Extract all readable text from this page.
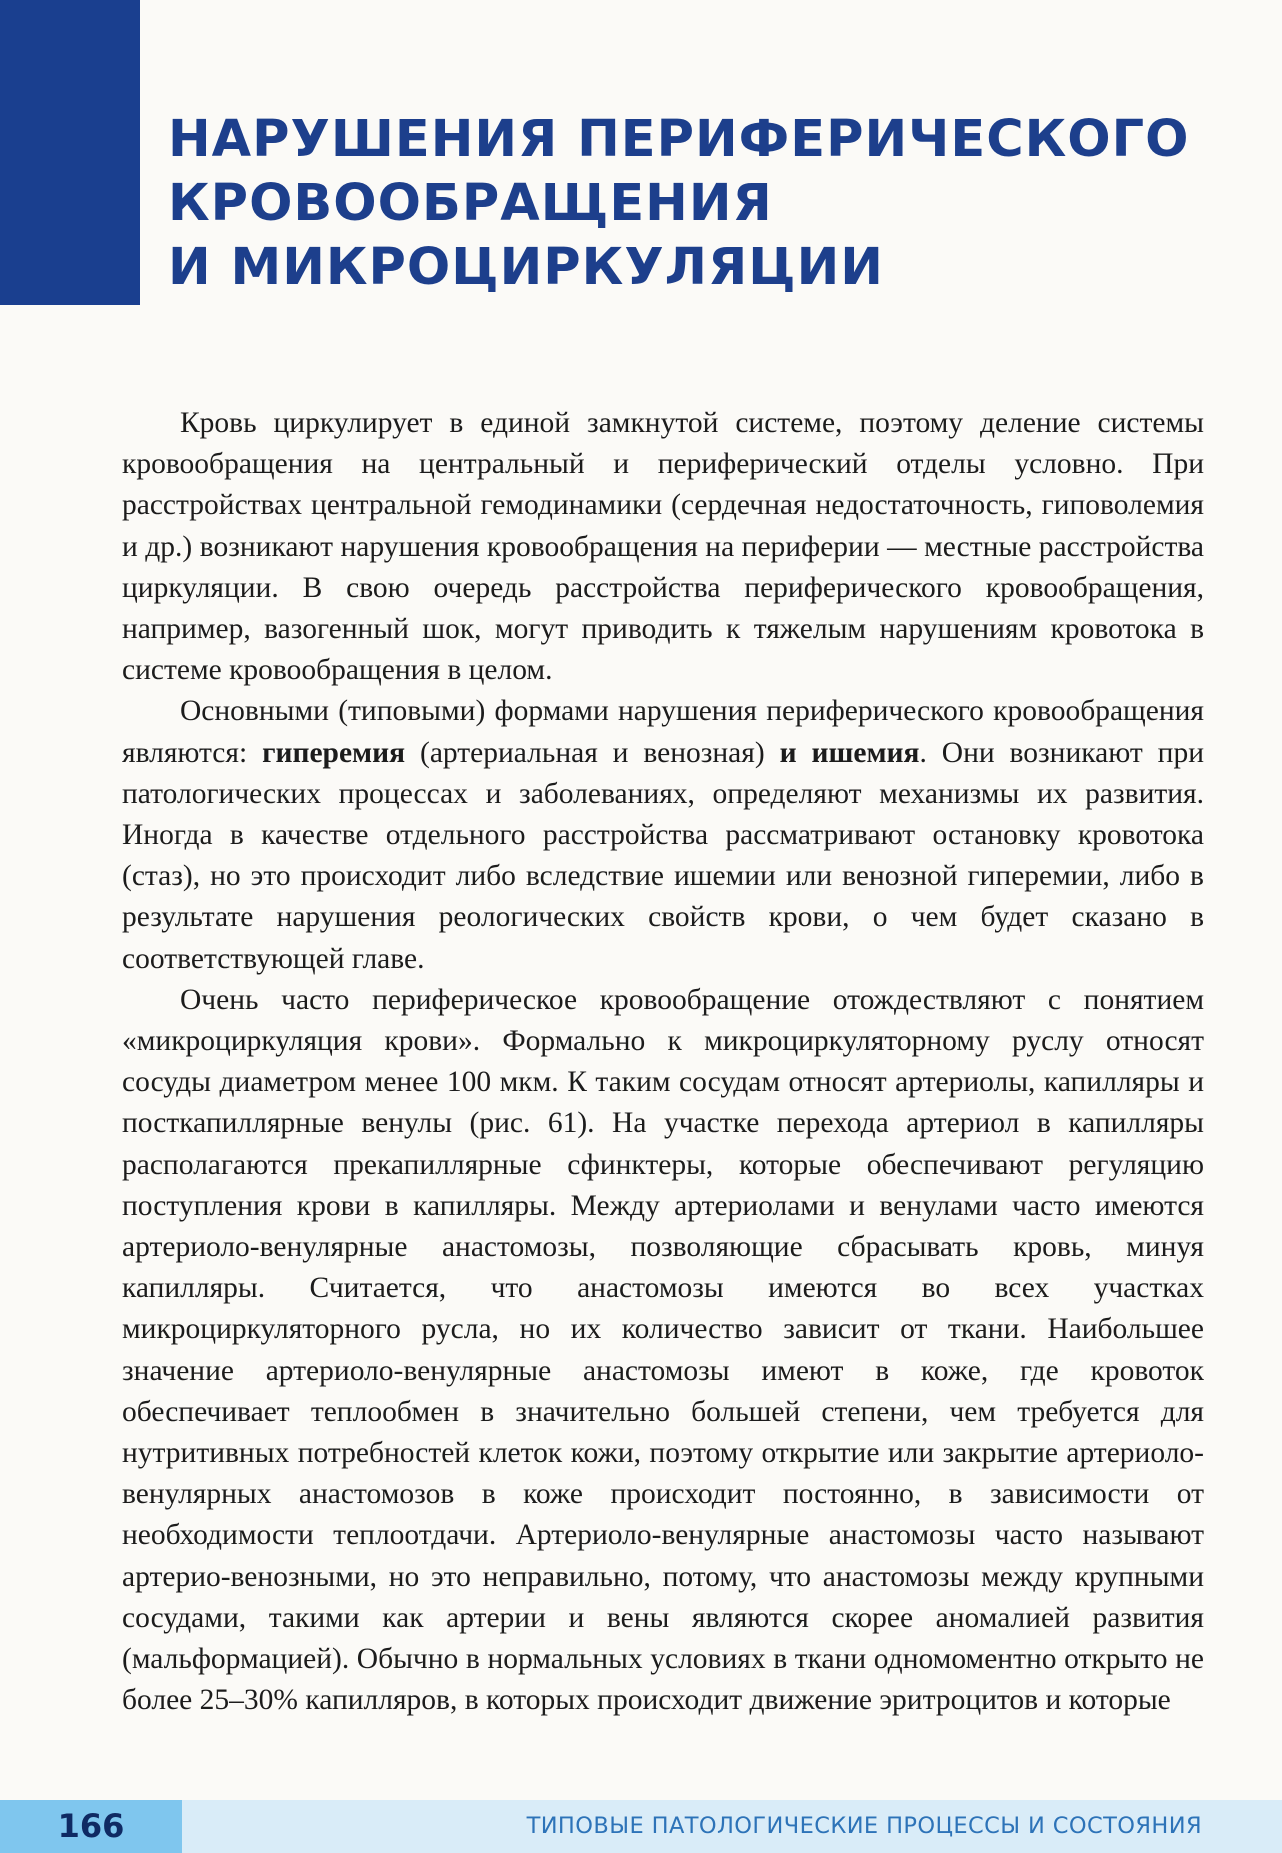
НАРУШЕНИЯ ПЕРИФЕРИЧЕСКОГО
КРОВООБРАЩЕНИЯ
И МИКРОЦИРКУЛЯЦИИ

Кровь циркулирует в единой замкнутой системе, поэтому деление системы кровообращения на центральный и периферический отделы условно. При расстройствах центральной гемодинамики (сердечная недостаточность, гиповолемия и др.) возникают нарушения кровообращения на периферии — местные расстройства циркуляции. В свою очередь расстройства периферического кровообращения, например, вазогенный шок, могут приводить к тяжелым нарушениям кровотока в системе кровообращения в целом.

Основными (типовыми) формами нарушения периферического кровообращения являются: гиперемия (артериальная и венозная) и ишемия. Они возникают при патологических процессах и заболеваниях, определяют механизмы их развития. Иногда в качестве отдельного расстройства рассматривают остановку кровотока (стаз), но это происходит либо вследствие ишемии или венозной гиперемии, либо в результате нарушения реологических свойств крови, о чем будет сказано в соответствующей главе.

Очень часто периферическое кровообращение отождествляют с понятием «микроциркуляция крови». Формально к микроциркуляторному руслу относят сосуды диаметром менее 100 мкм. К таким сосудам относят артериолы, капилляры и посткапиллярные венулы (рис. 61). На участке перехода артериол в капилляры располагаются прекапиллярные сфинктеры, которые обеспечивают регуляцию поступления крови в капилляры. Между артериолами и венулами часто имеются артериоло-венулярные анастомозы, позволяющие сбрасывать кровь, минуя капилляры. Считается, что анастомозы имеются во всех участках микроциркуляторного русла, но их количество зависит от ткани. Наибольшее значение артериоло-венулярные анастомозы имеют в коже, где кровоток обеспечивает теплообмен в значительно большей степени, чем требуется для нутритивных потребностей клеток кожи, поэтому открытие или закрытие артериоло-венулярных анастомозов в коже происходит постоянно, в зависимости от необходимости теплоотдачи. Артериоло-венулярные анастомозы часто называют артерио-венозными, но это неправильно, потому, что анастомозы между крупными сосудами, такими как артерии и вены являются скорее аномалией развития (мальформацией). Обычно в нормальных условиях в ткани одномоментно открыто не более 25–30% капилляров, в которых происходит движение эритроцитов и которые

166	ТИПОВЫЕ ПАТОЛОГИЧЕСКИЕ ПРОЦЕССЫ И СОСТОЯНИЯ
